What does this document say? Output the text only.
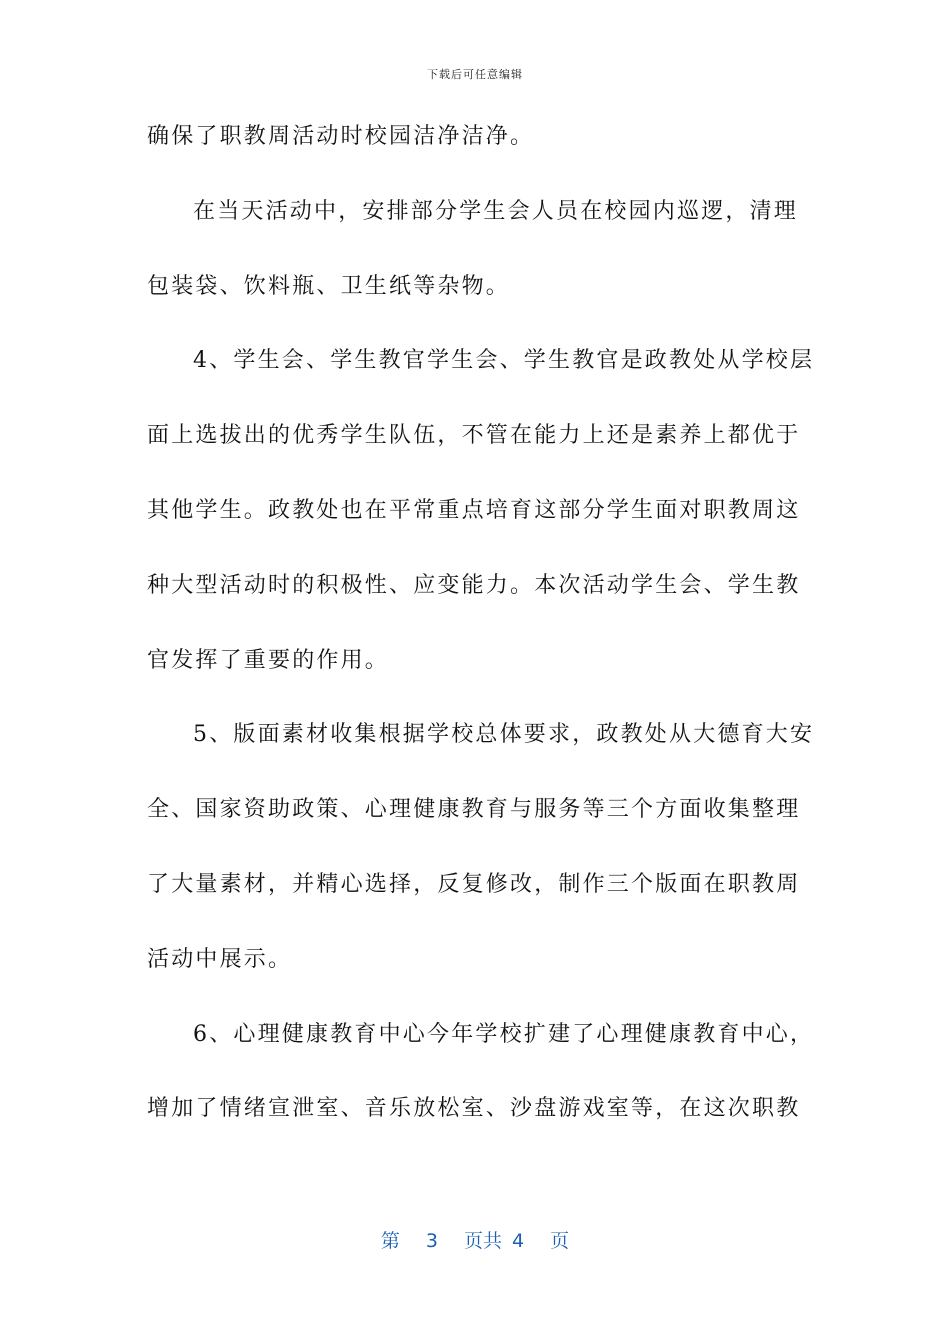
下载后可任意编辑
确保了职教周活动时校园洁净洁净。
在当天活动中，安排部分学生会人员在校园内巡逻，清理
包装袋、饮料瓶、卫生纸等杂物。
4、学生会、学生教官学生会、学生教官是政教处从学校层
面上选拔出的优秀学生队伍，不管在能力上还是素养上都优于
其他学生。政教处也在平常重点培育这部分学生面对职教周这
种大型活动时的积极性、应变能力。本次活动学生会、学生教
官发挥了重要的作用。
5、版面素材收集根据学校总体要求，政教处从大德育大安
全、国家资助政策、心理健康教育与服务等三个方面收集整理
了大量素材，并精心选择，反复修改，制作三个版面在职教周
活动中展示。
6、心理健康教育中心今年学校扩建了心理健康教育中心，
增加了情绪宣泄室、音乐放松室、沙盘游戏室等，在这次职教
第 3 页共 4 页
